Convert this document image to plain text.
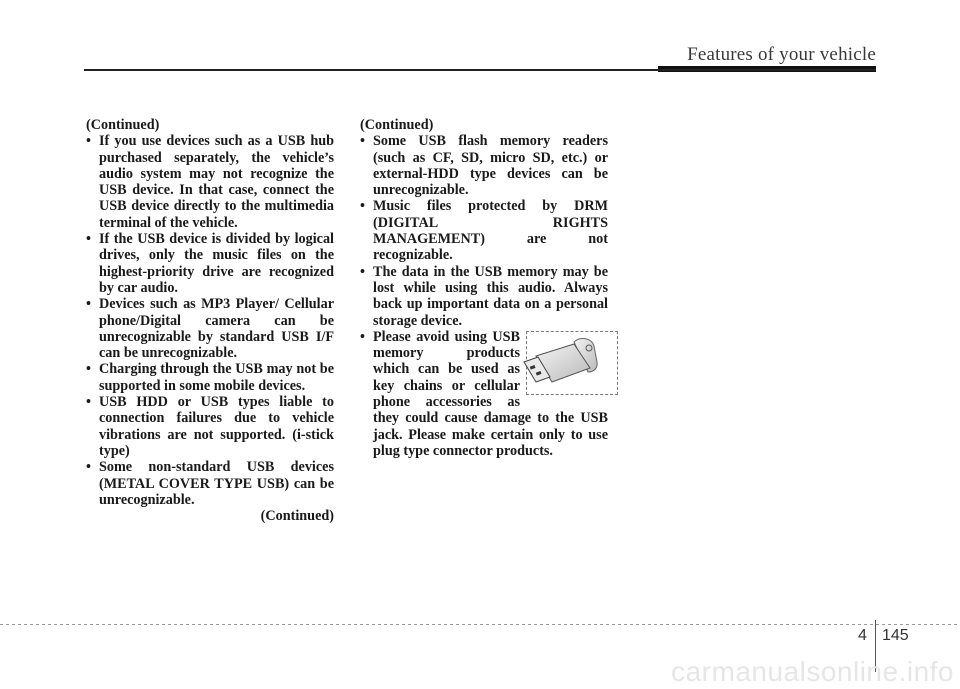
Features of your vehicle

(Continued)

• If you use devices such as a USB hub purchased separately, the vehicle’s audio system may not recognize the USB device. In that case, connect the USB device directly to the multimedia terminal of the vehicle.

• If the USB device is divided by logical drives, only the music files on the highest-priority drive are recognized by car audio.

• Devices such as MP3 Player/ Cellular phone/Digital camera can be unrecognizable by standard USB I/F can be unrecognizable.

• Charging through the USB may not be supported in some mobile devices.

• USB HDD or USB types liable to connection failures due to vehicle vibrations are not supported. (i-stick type)

• Some non-standard USB devices (METAL COVER TYPE USB) can be unrecognizable.

(Continued)

(Continued)

• Some USB flash memory readers (such as CF, SD, micro SD, etc.) or external-HDD type devices can be unrecognizable.

• Music files protected by DRM (DIGITAL RIGHTS MANAGEMENT) are not recognizable.

• The data in the USB memory may be lost while using this audio. Always back up important data on a personal storage device.

• Please avoid using USB memory products which can be used as key chains or cellular phone accessories as they could cause damage to the USB jack. Please make certain only to use plug type connector products.

4 145
carmanualsonline.info
